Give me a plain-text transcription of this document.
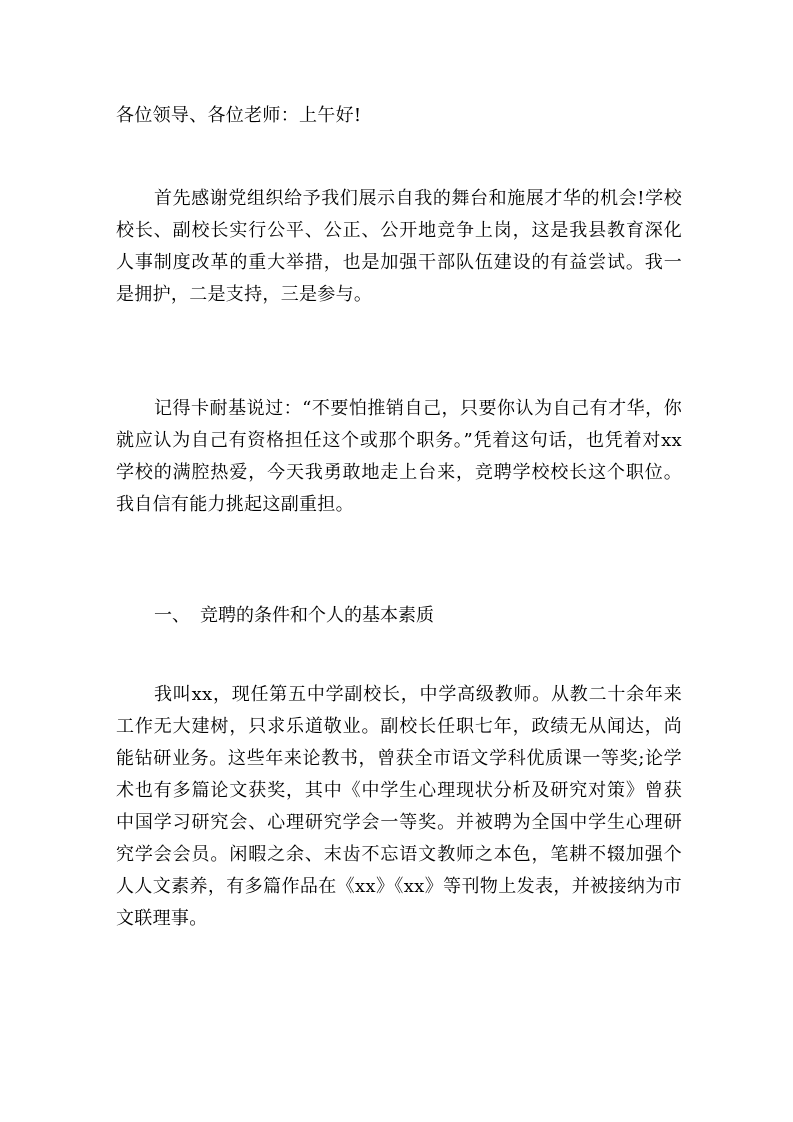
各位领导、各位老师：上午好!

首先感谢党组织给予我们展示自我的舞台和施展才华的机会!学校校长、副校长实行公平、公正、公开地竞争上岗，这是我县教育深化人事制度改革的重大举措，也是加强干部队伍建设的有益尝试。我一是拥护，二是支持，三是参与。

记得卡耐基说过：“不要怕推销自己，只要你认为自己有才华，你就应认为自己有资格担任这个或那个职务。”凭着这句话，也凭着对xx学校的满腔热爱，今天我勇敢地走上台来，竞聘学校校长这个职位。我自信有能力挑起这副重担。

一、 竞聘的条件和个人的基本素质

我叫xx，现任第五中学副校长，中学高级教师。从教二十余年来工作无大建树，只求乐道敬业。副校长任职七年，政绩无从闻达，尚能钻研业务。这些年来论教书，曾获全市语文学科优质课一等奖;论学术也有多篇论文获奖，其中《中学生心理现状分析及研究对策》曾获中国学习研究会、心理研究学会一等奖。并被聘为全国中学生心理研究学会会员。闲暇之余、末齿不忘语文教师之本色，笔耕不辍加强个人人文素养，有多篇作品在《xx》《xx》等刊物上发表，并被接纳为市文联理事。
